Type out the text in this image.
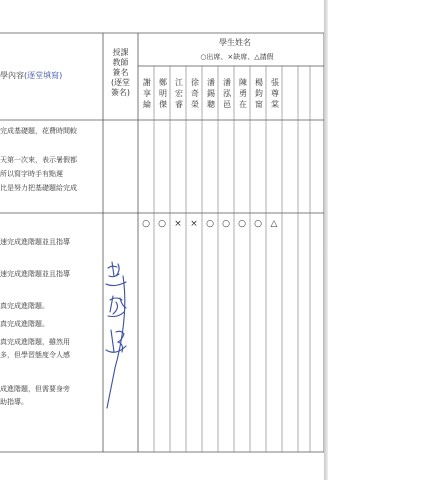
學內容(逐堂填寫)
授課
教師
簽名
(逐堂
簽名)
學生姓名
○出席、×缺席、△請假
謝享綸
鄭明傑
江宏睿
徐奇榮
潘錫聰
潘泓邑
陳勇在
楊鈞甯
張尊棠
完成基礎題，花費時間較
天第一次來，表示暑假都
所以寫字時手有點遲
比是努力把基礎題給完成
速完成進階題並且指導
速完成進階題並且指導
真完成進階題。
真完成進階題。
真完成進階題，雖然用
多，但學習態度令人感
成進階題，但需要身旁
助指導。
○ ○ × × ○ ○ ○ ○ △
